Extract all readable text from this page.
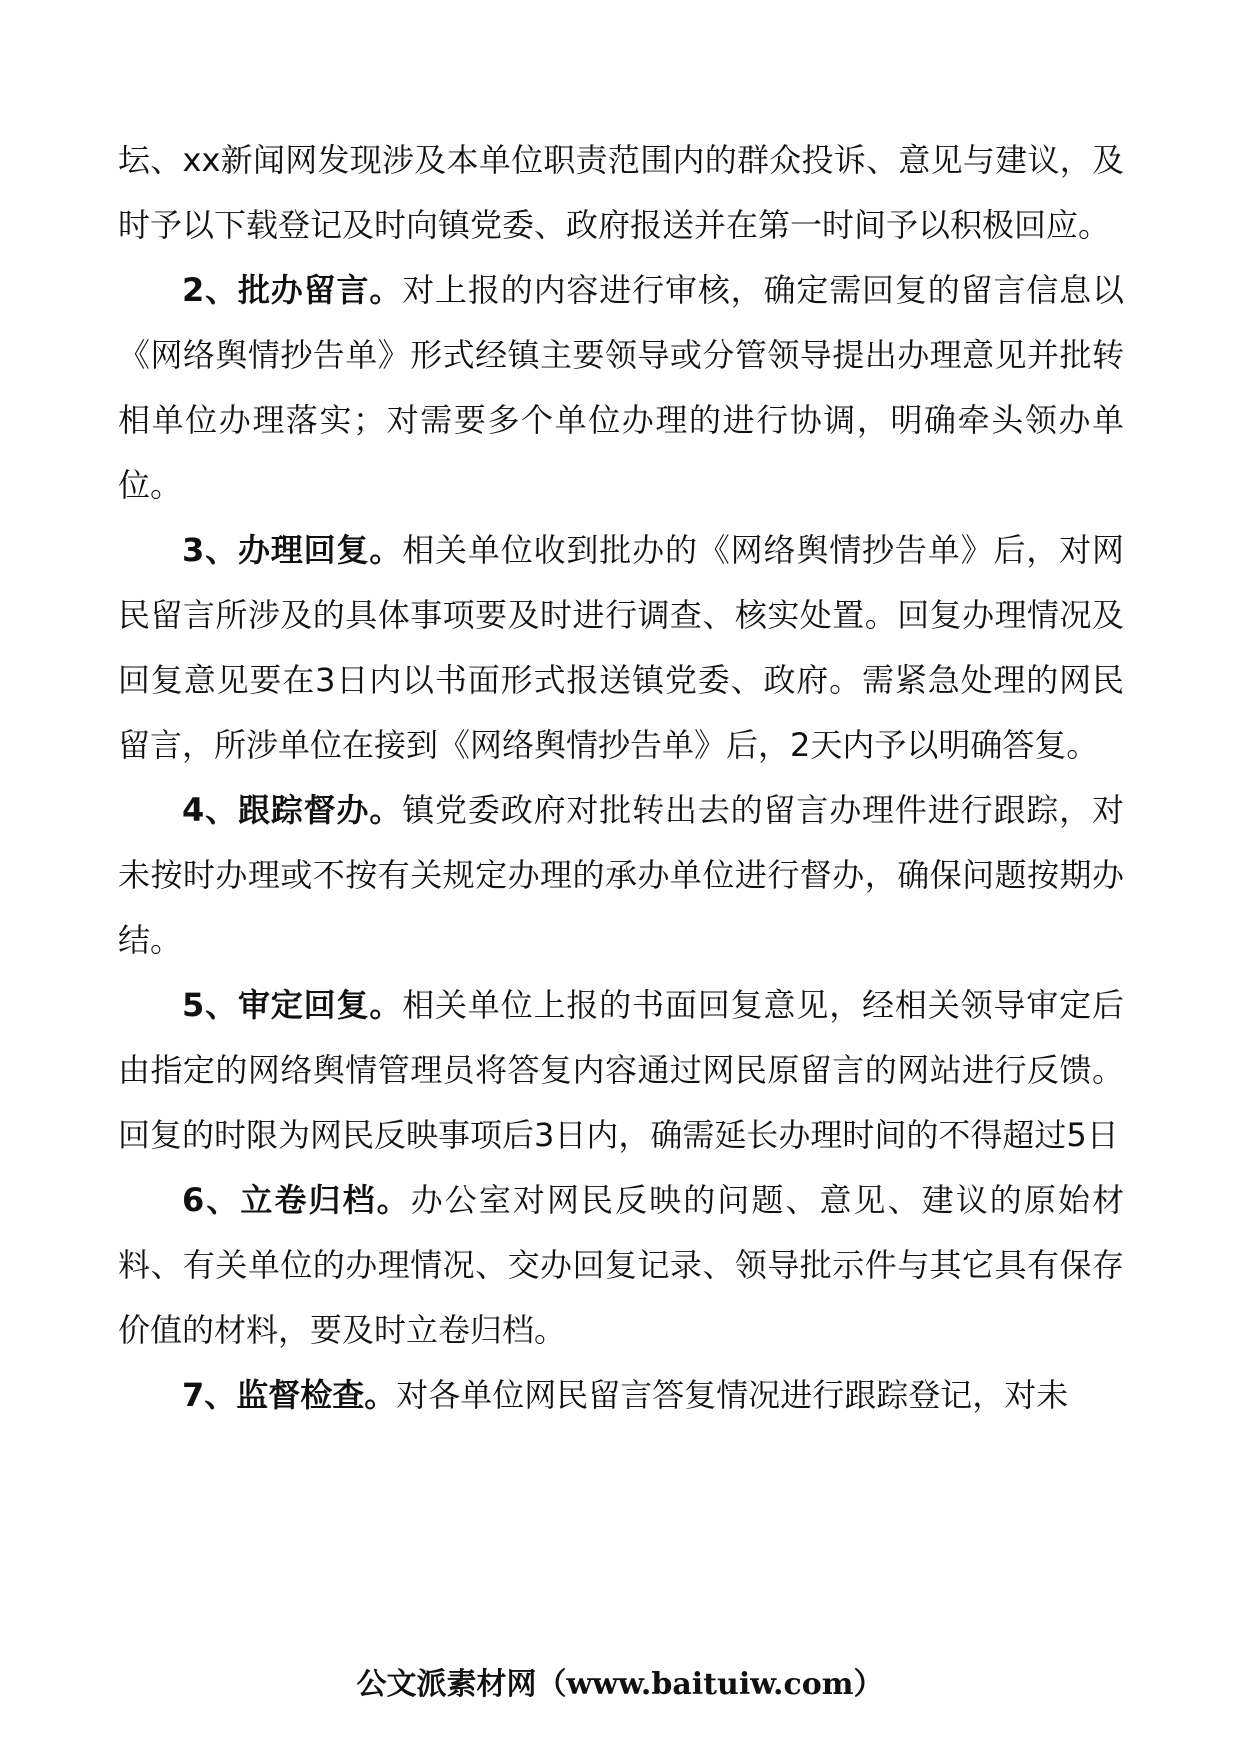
坛、xx新闻网发现涉及本单位职责范围内的群众投诉、意见与建议，及时予以下载登记及时向镇党委、政府报送并在第一时间予以积极回应。

2、批办留言。对上报的内容进行审核，确定需回复的留言信息以《网络舆情抄告单》形式经镇主要领导或分管领导提出办理意见并批转相单位办理落实；对需要多个单位办理的进行协调，明确牵头领办单位。

3、办理回复。相关单位收到批办的《网络舆情抄告单》后，对网民留言所涉及的具体事项要及时进行调查、核实处置。回复办理情况及回复意见要在3日内以书面形式报送镇党委、政府。需紧急处理的网民留言，所涉单位在接到《网络舆情抄告单》后，2天内予以明确答复。

4、跟踪督办。镇党委政府对批转出去的留言办理件进行跟踪，对未按时办理或不按有关规定办理的承办单位进行督办，确保问题按期办结。

5、审定回复。相关单位上报的书面回复意见，经相关领导审定后由指定的网络舆情管理员将答复内容通过网民原留言的网站进行反馈。回复的时限为网民反映事项后3日内，确需延长办理时间的不得超过5日

6、立卷归档。办公室对网民反映的问题、意见、建议的原始材料、有关单位的办理情况、交办回复记录、领导批示件与其它具有保存价值的材料，要及时立卷归档。

7、监督检查。对各单位网民留言答复情况进行跟踪登记，对未

公文派素材网（www.baituiw.com）
